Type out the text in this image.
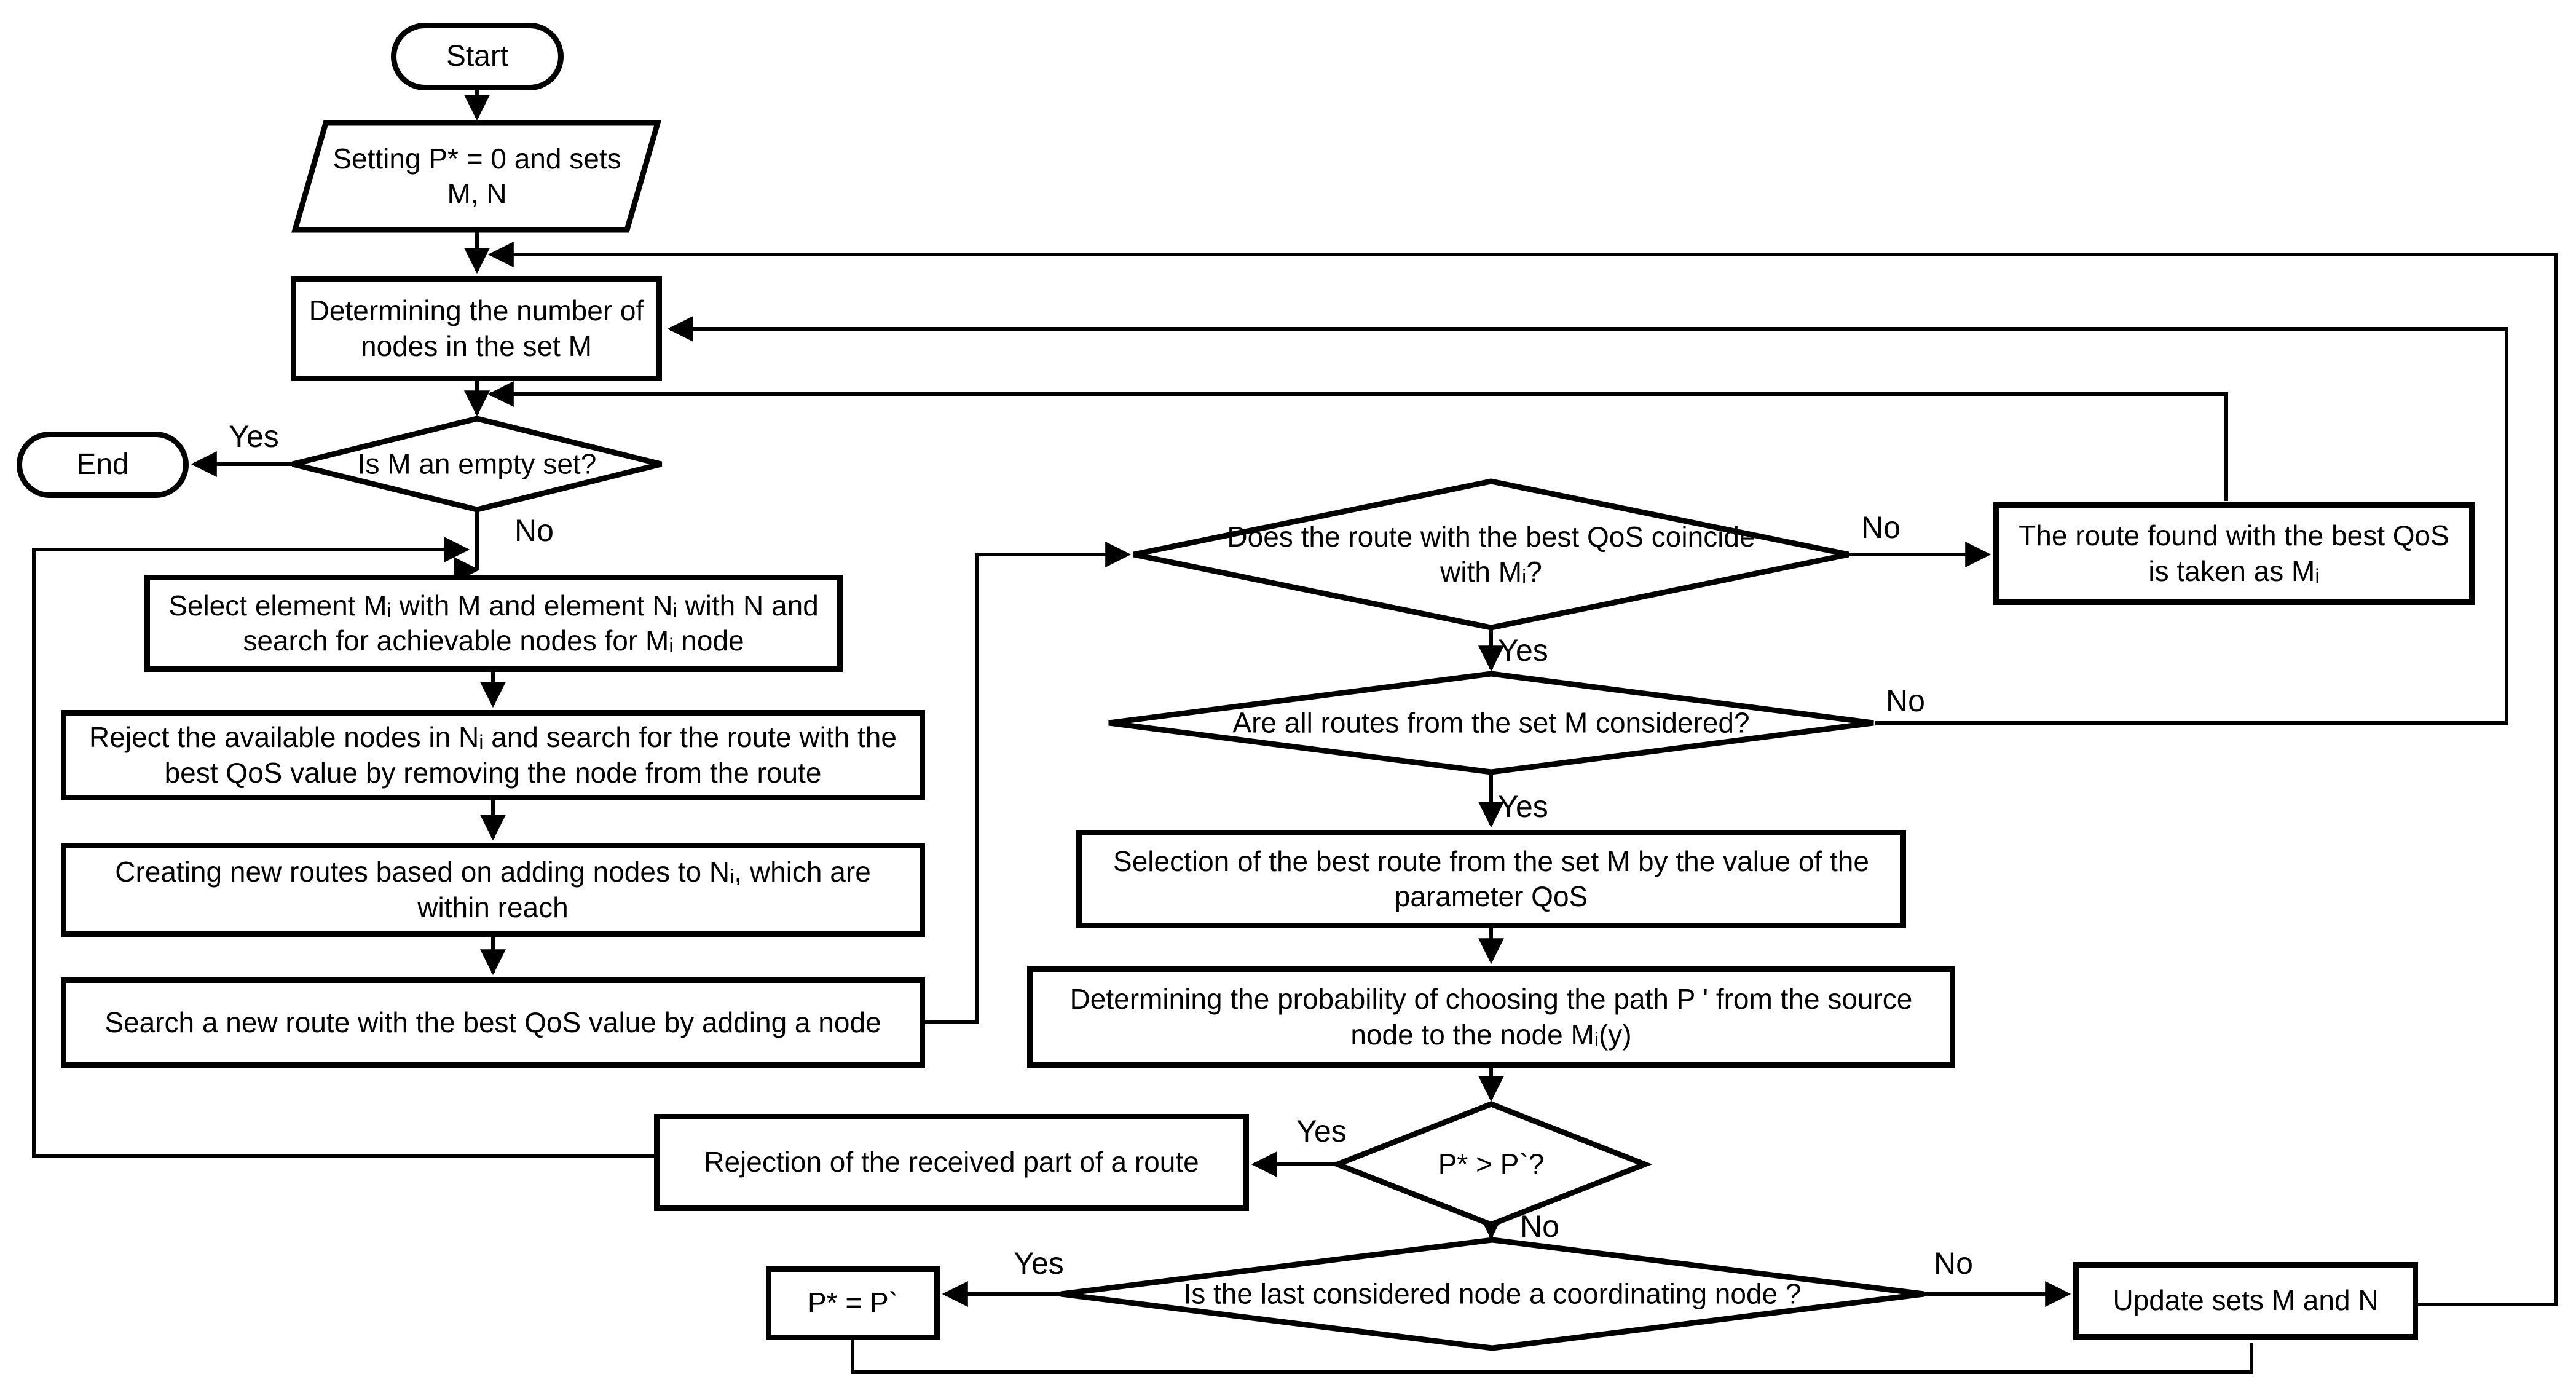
Start
End
Setting P* = 0 and sets M, N
Determining the number of nodes in the set M
Select element Mᵢ with M and element Nᵢ with N and search for achievable nodes for Mᵢ node
Reject the available nodes in Nᵢ and search for the route with the best QoS value by removing the node from the route
Creating new routes based on adding nodes to Nᵢ, which are within reach
Search a new route with the best QoS value by adding a node
The route found with the best QoS is taken as Mᵢ
Selection of the best route from the set M by the value of the parameter QoS
Determining the probability of choosing the path P ' from the source node to the node Mᵢ(y)
Rejection of the received part of a route
P* = P`	Update sets M and N
Is M an empty set?
Does the route with the best QoS coincide with Mᵢ?
Are all routes from the set M considered?
P* > P`?
Is the last considered node a coordinating node ?
Yes
No	No
Yes
No
Yes
Yes
No
Yes	No
